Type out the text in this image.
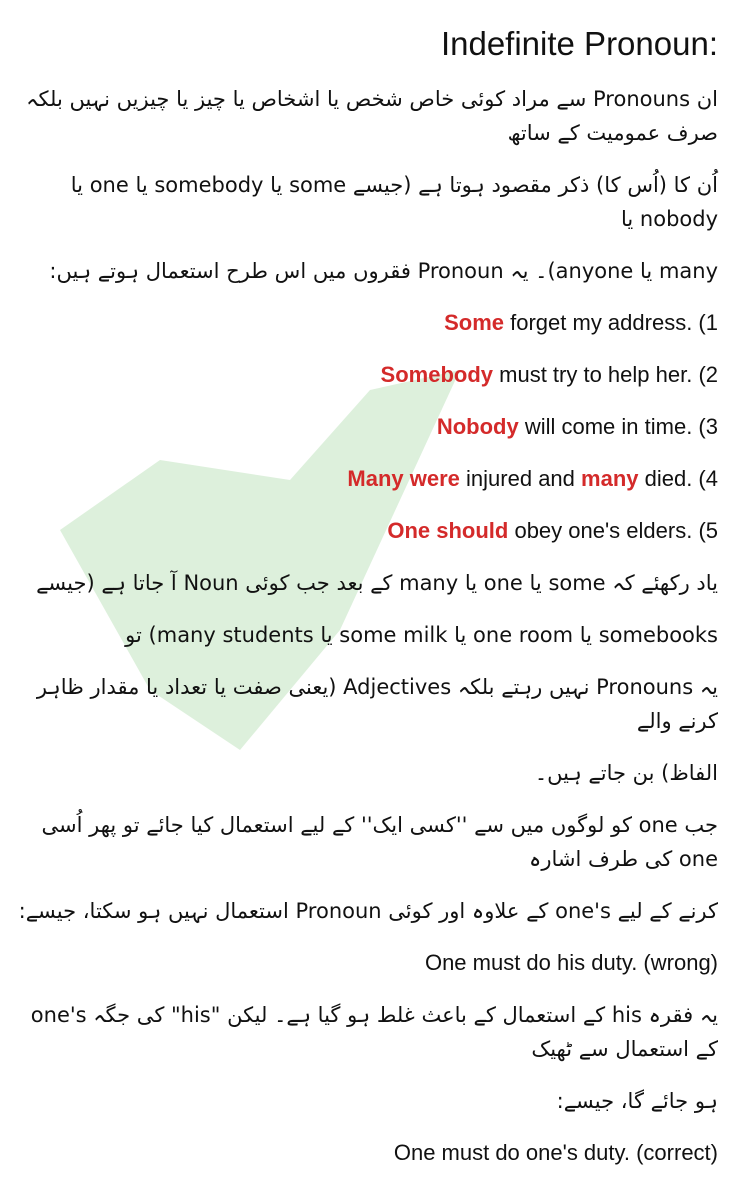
Indefinite Pronoun:
ان Pronouns سے مراد کوئی خاص شخص یا اشخاص یا چیز یا چیزیں نہیں بلکہ صرف عمومیت کے ساتھ
اُن کا (اُس کا) ذکر مقصود ہوتا ہے (جیسے some یا somebody یا one یا nobody یا
many یا anyone)۔ یہ Pronoun فقروں میں اس طرح استعمال ہوتے ہیں:
Some forget my address. (1
Somebody must try to help her. (2
Nobody will come in time. (3
Many were injured and many died. (4
One should obey one's elders. (5
یاد رکھئے کہ some یا one یا many کے بعد جب کوئی Noun آ جاتا ہے (جیسے
somebooks یا one room یا some milk یا many students) تو
یہ Pronouns نہیں رہتے بلکہ Adjectives (یعنی صفت یا تعداد یا مقدار ظاہر کرنے والے
الفاظ) بن جاتے ہیں۔
جب one کو لوگوں میں سے ''کسی ایک'' کے لیے استعمال کیا جائے تو پھر اُسی one کی طرف اشارہ
کرنے کے لیے one's کے علاوہ اور کوئی Pronoun استعمال نہیں ہو سکتا، جیسے:
One must do his duty. (wrong)
یہ فقرہ his کے استعمال کے باعث غلط ہو گیا ہے۔ لیکن "his" کی جگہ one's کے استعمال سے ٹھیک
ہو جائے گا، جیسے:
One must do one's duty. (correct)
